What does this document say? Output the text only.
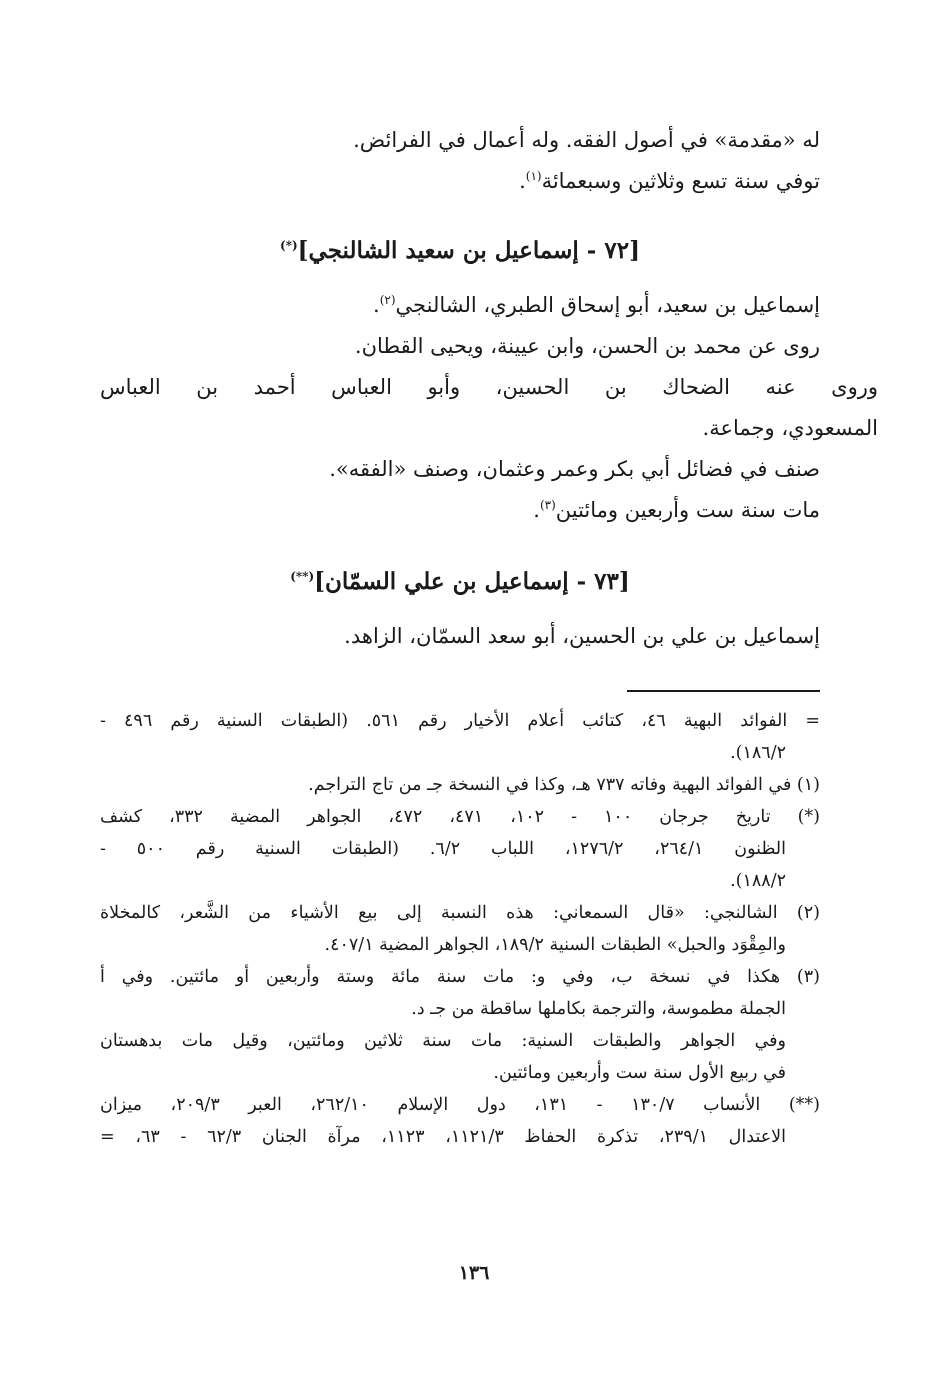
له «مقدمة» في أصول الفقه. وله أعمال في الفرائض.
توفي سنة تسع وثلاثين وسبعمائة$^{(١)}$.
[٧٢ - إسماعيل بن سعيد الشالنجي](*)
إسماعيل بن سعيد، أبو إسحاق الطبري، الشالنجي$^{(٢)}$.
روى عن محمد بن الحسن، وابن عيينة، ويحيى القطان.
وروى عنه الضحاك بن الحسين، وأبو العباس أحمد بن العباس
المسعودي، وجماعة.
صنف في فضائل أبي بكر وعمر وعثمان، وصنف «الفقه».
مات سنة ست وأربعين ومائتين$^{(٣)}$.
[٧٣ - إسماعيل بن علي السمّان](**)
إسماعيل بن علي بن الحسين، أبو سعد السمّان، الزاهد.
= الفوائد البهية ٤٦، كتائب أعلام الأخيار رقم ٥٦١. (الطبقات السنية رقم ٤٩٦ -
١٨٦/٢).
(١) في الفوائد البهية وفاته ٧٣٧ هـ، وكذا في النسخة جـ من تاج التراجم.
(*) تاريخ جرجان ١٠٠ - ١٠٢، ٤٧١، ٤٧٢، الجواهر المضية ٣٣٢، كشف
الظنون ٢٦٤/١، ١٢٧٦/٢، اللباب ٦/٢. (الطبقات السنية رقم ٥٠٠ -
١٨٨/٢).
(٢) الشالنجي: «قال السمعاني: هذه النسبة إلى بيع الأشياء من الشَّعر، كالمخلاة
والمِقْوَد والحبل» الطبقات السنية ١٨٩/٢، الجواهر المضية ٤٠٧/١.
(٣) هكذا في نسخة ب، وفي و: مات سنة مائة وستة وأربعين أو مائتين. وفي أ
الجملة مطموسة، والترجمة بكاملها ساقطة من جـ د.
وفي الجواهر والطبقات السنية: مات سنة ثلاثين ومائتين، وقيل مات بدهستان
في ربيع الأول سنة ست وأربعين ومائتين.
(**) الأنساب ١٣٠/٧ - ١٣١، دول الإسلام ٢٦٢/١٠، العبر ٢٠٩/٣، ميزان
الاعتدال ٢٣٩/١، تذكرة الحفاظ ١١٢١/٣، ١١٢٣، مرآة الجنان ٦٢/٣ - ٦٣، =
١٣٦
